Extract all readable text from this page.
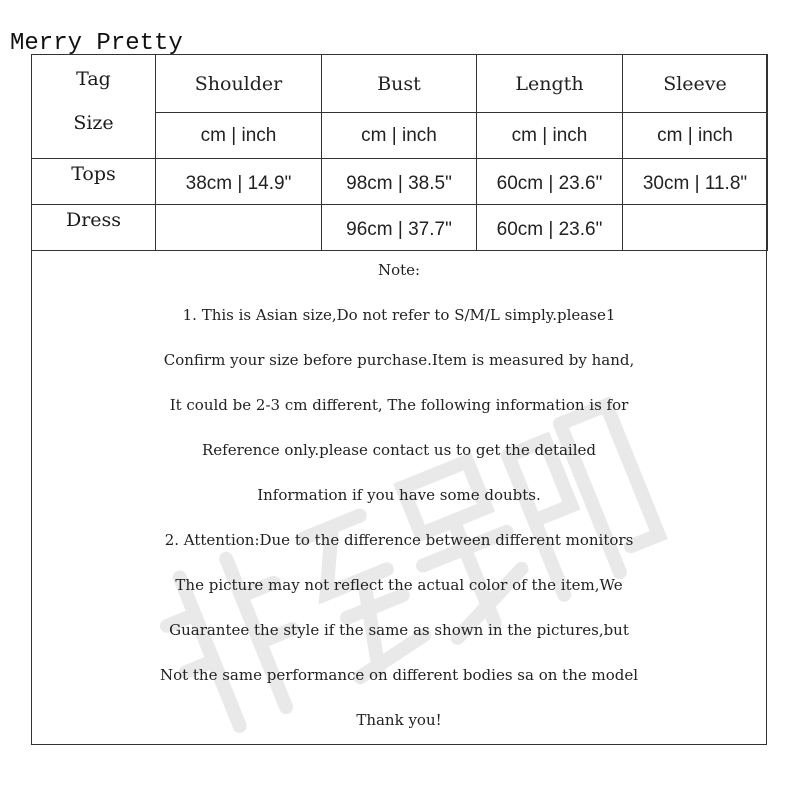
Merry Pretty
Tag
Size	Shoulder	Bust	Length	Sleeve
	cm | inch	cm | inch	cm | inch	cm | inch
Tops	38cm | 14.9"	98cm | 38.5"	60cm | 23.6"	30cm | 11.8"
Dress		96cm | 37.7"	60cm | 23.6"	

Note:

1. This is Asian size,Do not refer to S/M/L simply.please1

Confirm your size before purchase.Item is measured by hand,

It could be 2-3 cm different, The following information is for

Reference only.please contact us to get the detailed

Information if you have some doubts.

2. Attention:Due to the difference between different monitors

The picture may not reflect the actual color of the item,We

Guarantee the style if the same as shown in the pictures,but

Not the same performance on different bodies sa on the model

Thank you!
